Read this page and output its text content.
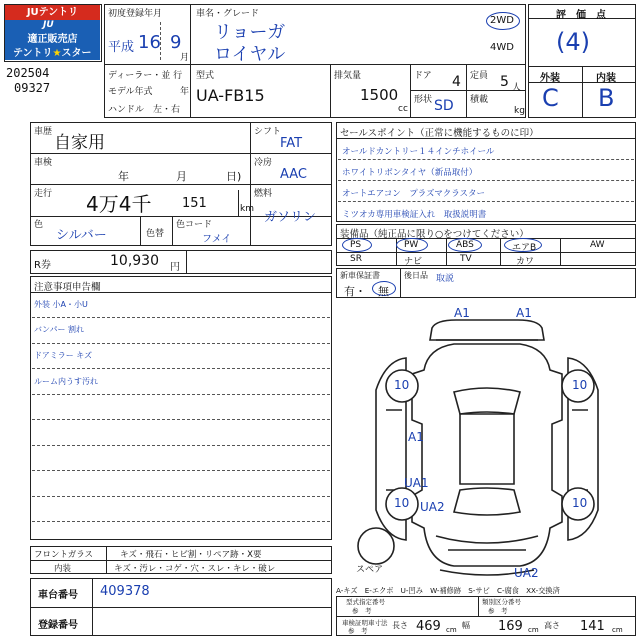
JUテントリ
JU
適正販売店
テントリ★スター
202504
09327
初度登録年月
平成 16 9
月
車名・グレード
リョーガ
ロイヤル
2WD
4WD
ディーラー・並 行
モデル年式	年
ハンドル　左・右
型式
UA-FB15
排気量
1500
cc
ドア 4 定員 5 人
形状 SD 積載
kg
評　価　点
(4)
外装	内装
C B
車歴
自家用
車検
年	月	日)
走行 4万4千 151	km
色
シルバー	色替
色コード
フメイ
シフト
FAT
冷房
AAC
燃料
ガソリン
セールスポイント（正常に機能するものに印）
オールドカントリー１４インチホイール
ホワイトリボンタイヤ（新品取付）
オートエアコン　プラズマクラスター
ミツオカ専用車検証入れ　取扱説明書
装備品（純正品に限り○をつけてください）
PS	PW	ABS	エアB	AW
SR	ナビ	TV	カワ
新車保証書
有・ 無
後日品 取説
R券	10,930 円
注意事項申告欄
外装 小A・小U
バンパー 割れ
ドアミラー キズ
ルーム内うす汚れ
A1	A1
10	10
A1
UA1
UA2
10	10
UA2
スペア
A-キズ　E-エクボ　U-凹み　W-補修跡　S-サビ　C-腐食　XX-交換済
フロントガラス	キズ・飛石・ヒビ割・リペア跡・X要
内装	キズ・汚レ・コゲ・穴・スレ・キレ・破レ
車台番号 409378
登録番号
型式指定番号
参　考
類別区分番号
参　考
車検証明車寸法
参　考
長さ 469 cm 幅 169 cm 高さ 141 cm
